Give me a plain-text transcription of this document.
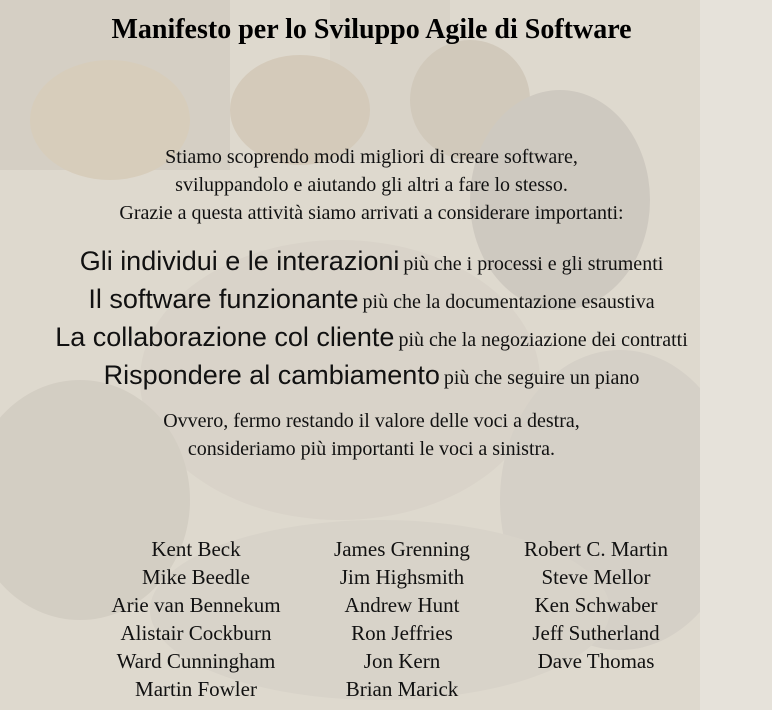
Manifesto per lo Sviluppo Agile di Software
Stiamo scoprendo modi migliori di creare software,
sviluppandolo e aiutando gli altri a fare lo stesso.
Grazie a questa attività siamo arrivati a considerare importanti:
Gli individui e le interazioni più che i processi e gli strumenti
Il software funzionante più che la documentazione esaustiva
La collaborazione col cliente più che la negoziazione dei contratti
Rispondere al cambiamento più che seguire un piano
Ovvero, fermo restando il valore delle voci a destra,
consideriamo più importanti le voci a sinistra.
Kent Beck
Mike Beedle
Arie van Bennekum
Alistair Cockburn
Ward Cunningham
Martin Fowler
James Grenning
Jim Highsmith
Andrew Hunt
Ron Jeffries
Jon Kern
Brian Marick
Robert C. Martin
Steve Mellor
Ken Schwaber
Jeff Sutherland
Dave Thomas
